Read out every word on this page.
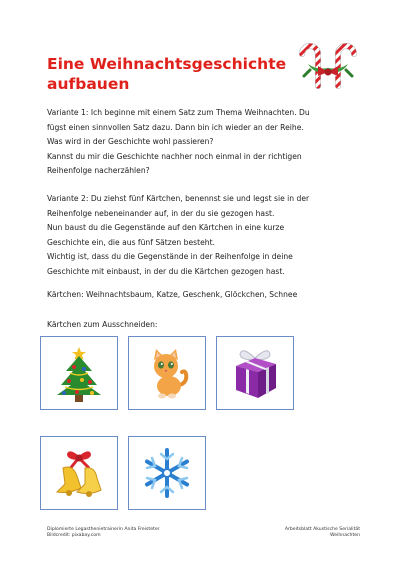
Eine Weihnachtsgeschichte
aufbauen
Variante 1: Ich beginne mit einem Satz zum Thema Weihnachten. Du
fügst einen sinnvollen Satz dazu. Dann bin ich wieder an der Reihe.
Was wird in der Geschichte wohl passieren?
Kannst du mir die Geschichte nachher noch einmal in der richtigen
Reihenfolge nacherzählen?
Variante 2: Du ziehst fünf Kärtchen, benennst sie und legst sie in der
Reihenfolge nebeneinander auf, in der du sie gezogen hast.
Nun baust du die Gegenstände auf den Kärtchen in eine kurze
Geschichte ein, die aus fünf Sätzen besteht.
Wichtig ist, dass du die Gegenstände in der Reihenfolge in deine
Geschichte mit einbaust, in der du die Kärtchen gezogen hast.
Kärtchen: Weihnachtsbaum, Katze, Geschenk, Glöckchen, Schnee
Kärtchen zum Ausschneiden:
Diplomierte Legasthenietrainerin Anita Freisteter
Bildcredit: pixabay.com
Arbeitsblatt Akustische Serialität
Weihnachten
